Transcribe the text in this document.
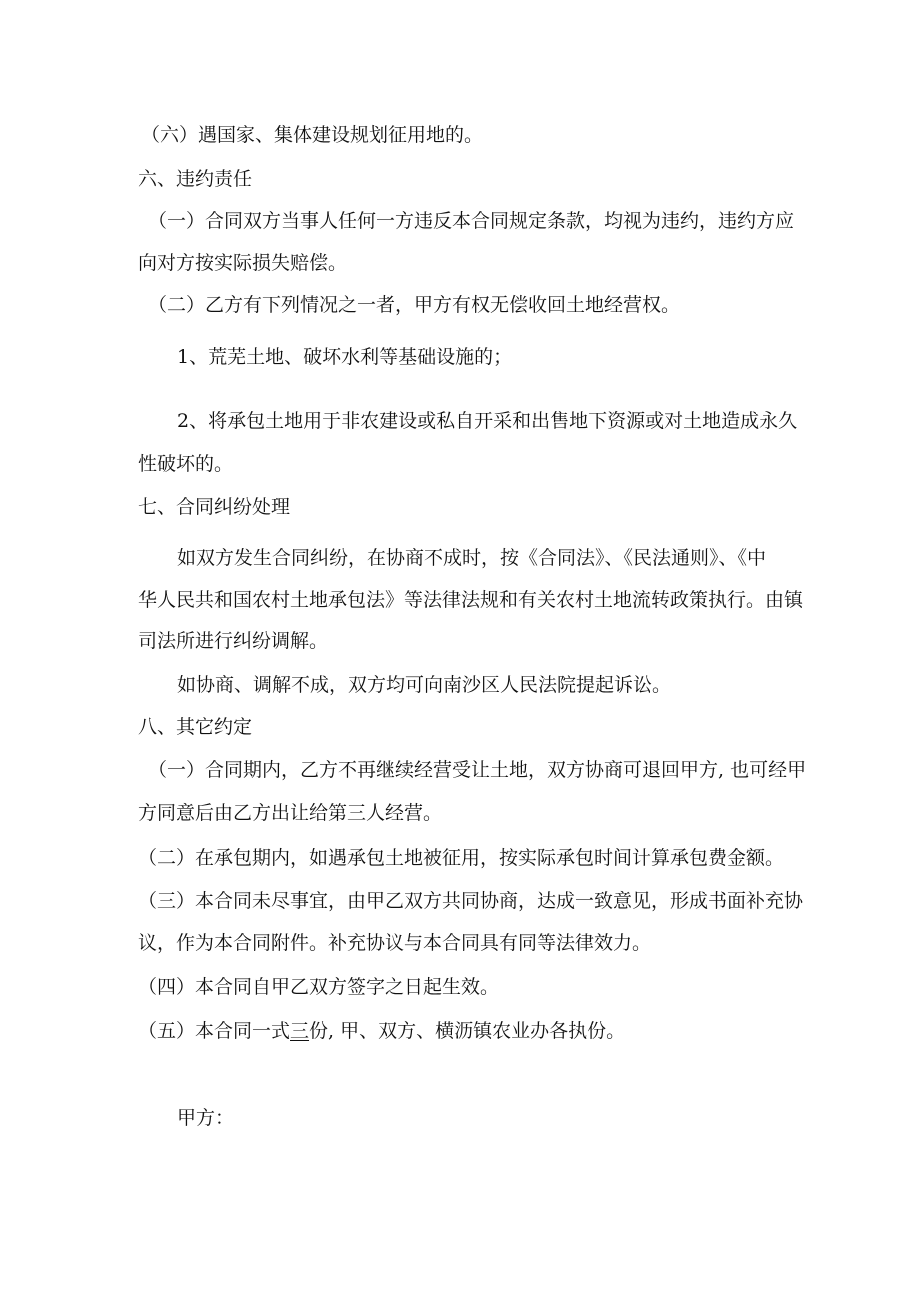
（六）遇国家、集体建设规划征用地的。
六、违约责任
（一）合同双方当事人任何一方违反本合同规定条款，均视为违约，违约方应
向对方按实际损失赔偿。
（二）乙方有下列情况之一者，甲方有权无偿收回土地经营权。
1、荒芜土地、破坏水利等基础设施的；
2、将承包土地用于非农建设或私自开采和出售地下资源或对土地造成永久
性破坏的。
七、合同纠纷处理
如双方发生合同纠纷，在协商不成时，按《合同法》、《民法通则》、《中
华人民共和国农村土地承包法》等法律法规和有关农村土地流转政策执行。由镇
司法所进行纠纷调解。
如协商、调解不成，双方均可向南沙区人民法院提起诉讼。
八、其它约定
（一）合同期内，乙方不再继续经营受让土地，双方协商可退回甲方, 也可经甲
方同意后由乙方出让给第三人经营。
（二）在承包期内，如遇承包土地被征用，按实际承包时间计算承包费金额。
（三）本合同未尽事宜，由甲乙双方共同协商，达成一致意见，形成书面补充协
议，作为本合同附件。补充协议与本合同具有同等法律效力。
（四）本合同自甲乙双方签字之日起生效。
（五）本合同一式三份, 甲、双方、横沥镇农业办各执份。
甲方：
